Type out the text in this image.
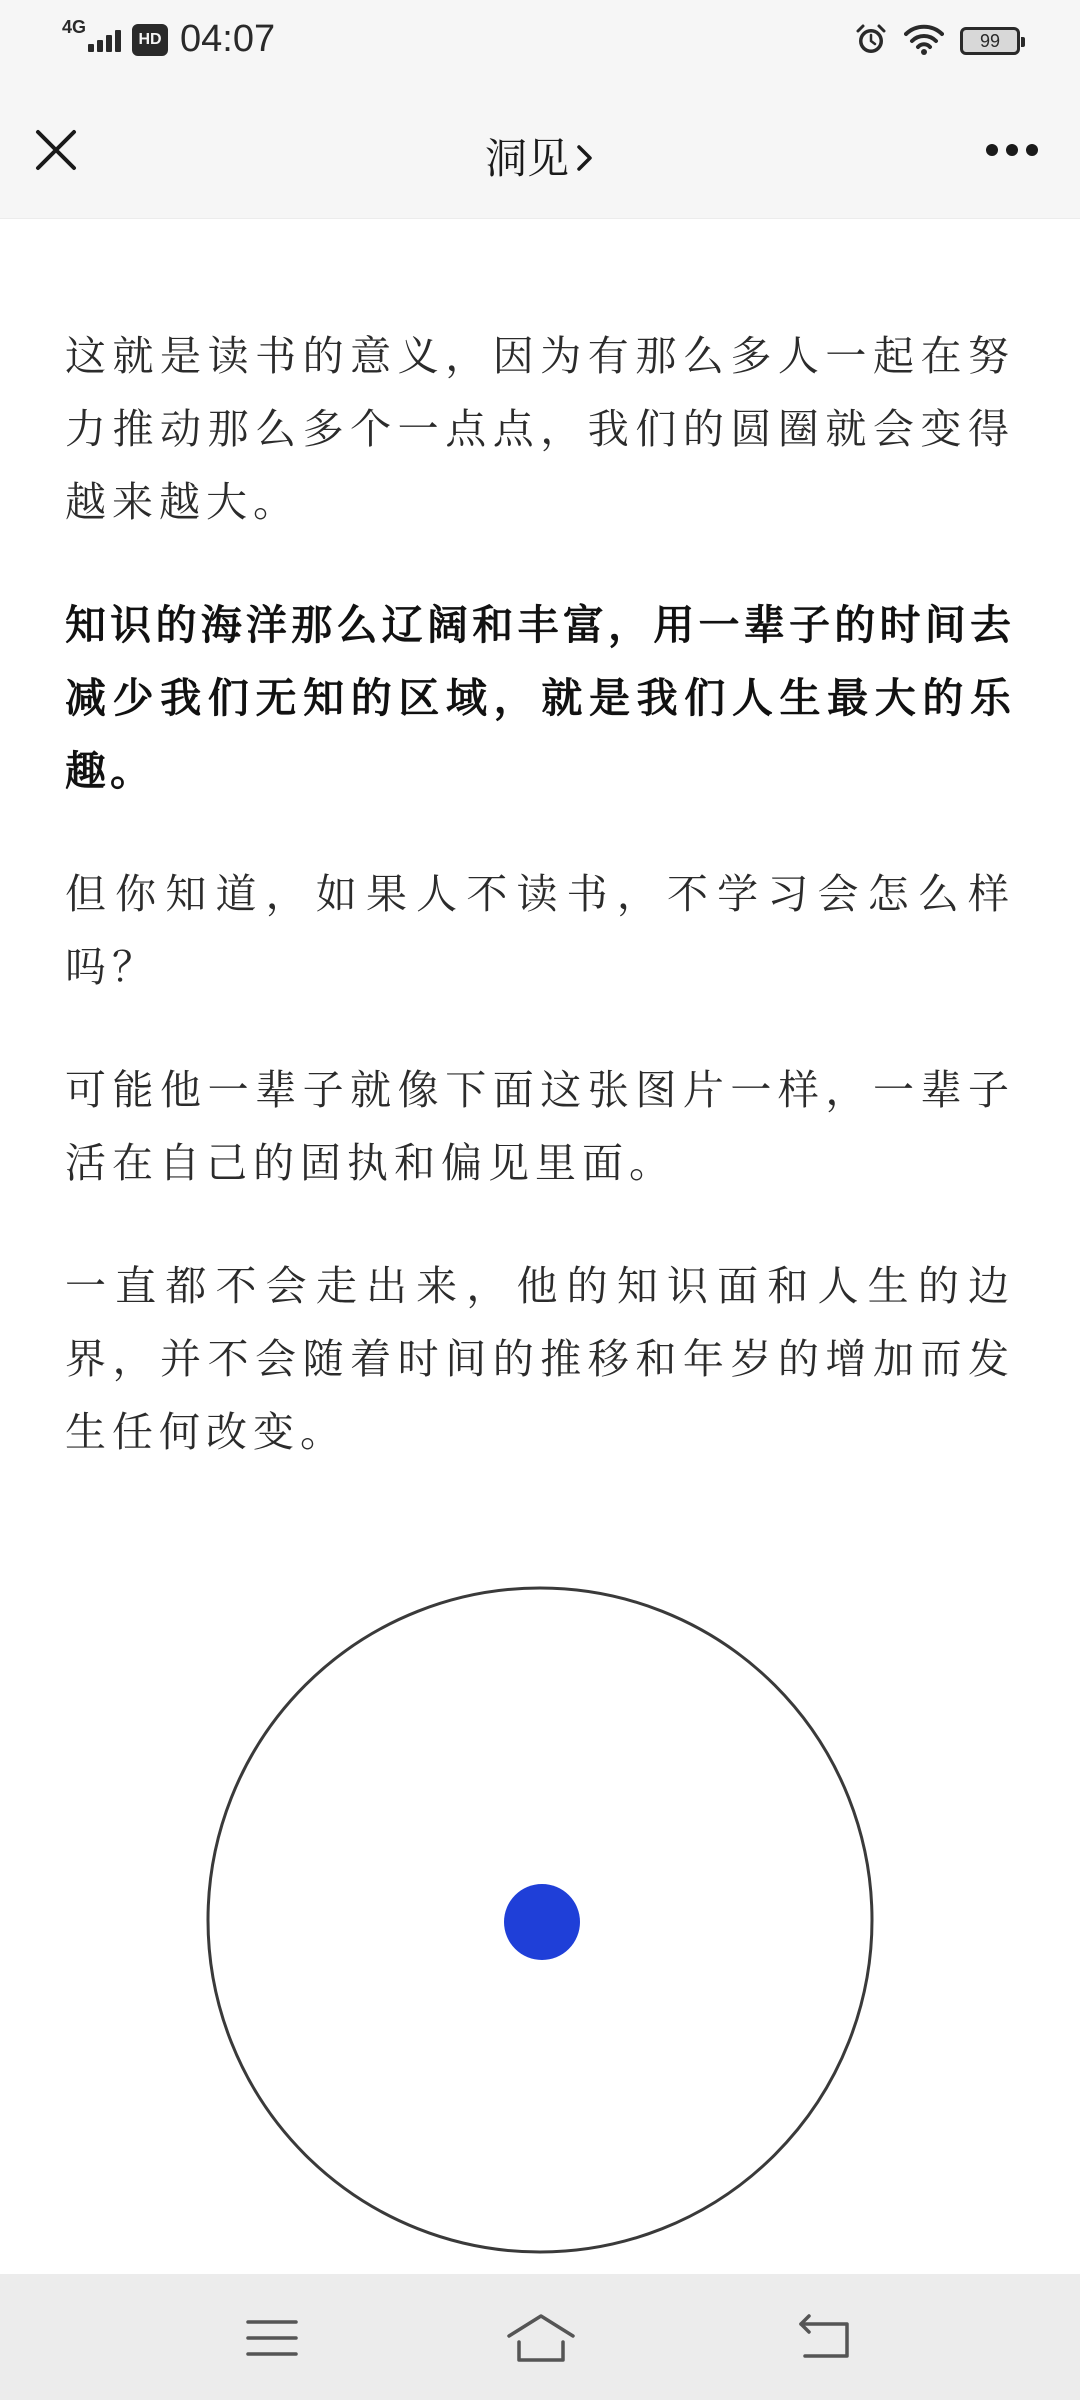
4G
HD 04:07	99
洞见

这就是读书的意义，因为有那么多人一起在努力推动那么多个一点点，我们的圆圈就会变得越来越大。

知识的海洋那么辽阔和丰富，用一辈子的时间去减少我们无知的区域，就是我们人生最大的乐趣。

但你知道，如果人不读书，不学习会怎么样吗？

可能他一辈子就像下面这张图片一样，一辈子活在自己的固执和偏见里面。

一直都不会走出来，他的知识面和人生的边界，并不会随着时间的推移和年岁的增加而发生任何改变。
